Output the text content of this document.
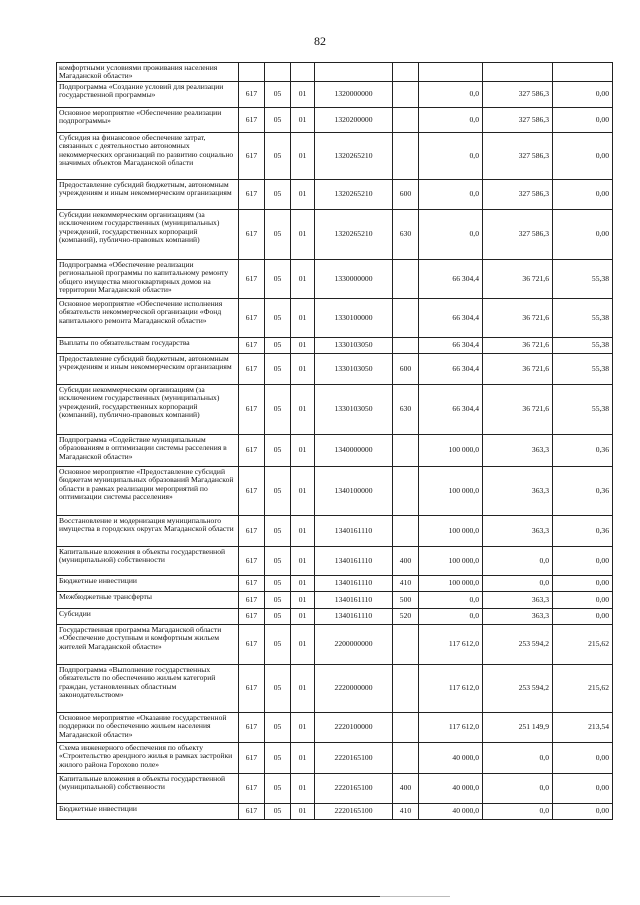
82
комфортными условиями проживания населения Магаданской области»								
Подпрограмма «Создание условий для реализации государственной программы»	617	05	01	1320000000		0,0	327 586,3	0,00
Основное мероприятие «Обеспечение реализации подпрограммы»	617	05	01	1320200000		0,0	327 586,3	0,00
Субсидия на финансовое обеспечение затрат, связанных с деятельностью автономных некоммерческих организаций по развитию социально значимых объектов Магаданской области	617	05	01	1320265210		0,0	327 586,3	0,00
Предоставление субсидий бюджетным, автономным учреждениям и иным некоммерческим организациям	617	05	01	1320265210	600	0,0	327 586,3	0,00
Субсидии некоммерческим организациям (за исключением государственных (муниципальных) учреждений, государственных корпораций (компаний), публично-правовых компаний)	617	05	01	1320265210	630	0,0	327 586,3	0,00
Подпрограмма «Обеспечение реализации региональной программы по капитальному ремонту общего имущества многоквартирных домов на территории Магаданской области»	617	05	01	1330000000		66 304,4	36 721,6	55,38
Основное мероприятие «Обеспечение исполнения обязательств некоммерческой организации «Фонд капитального ремонта Магаданской области»	617	05	01	1330100000		66 304,4	36 721,6	55,38
Выплаты по обязательствам государства	617	05	01	1330103050		66 304,4	36 721,6	55,38
Предоставление субсидий бюджетным, автономным учреждениям и иным некоммерческим организациям	617	05	01	1330103050	600	66 304,4	36 721,6	55,38
Субсидии некоммерческим организациям (за исключением государственных (муниципальных) учреждений, государственных корпораций (компаний), публично-правовых компаний)	617	05	01	1330103050	630	66 304,4	36 721,6	55,38
Подпрограмма «Содействие муниципальным образованиям в оптимизации системы расселения в Магаданской области»	617	05	01	1340000000		100 000,0	363,3	0,36
Основное мероприятие «Предоставление субсидий бюджетам муниципальных образований Магаданской области в рамках реализации мероприятий по оптимизации системы расселения»	617	05	01	1340100000		100 000,0	363,3	0,36
Восстановление и модернизация муниципального имущества в городских округах Магаданской области	617	05	01	1340161110		100 000,0	363,3	0,36
Капитальные вложения в объекты государственной (муниципальной) собственности	617	05	01	1340161110	400	100 000,0	0,0	0,00
Бюджетные инвестиции	617	05	01	1340161110	410	100 000,0	0,0	0,00
Межбюджетные трансферты	617	05	01	1340161110	500	0,0	363,3	0,00
Субсидии	617	05	01	1340161110	520	0,0	363,3	0,00
Государственная программа Магаданской области «Обеспечение доступным и комфортным жильем жителей Магаданской области»	617	05	01	2200000000		117 612,0	253 594,2	215,62
Подпрограмма «Выполнение государственных обязательств по обеспечению жильем категорий граждан, установленных областным законодательством»	617	05	01	2220000000		117 612,0	253 594,2	215,62
Основное мероприятие «Оказание государственной поддержки по обеспечению жильем населения Магаданской области»	617	05	01	2220100000		117 612,0	251 149,9	213,54
Схема инженерного обеспечения по объекту «Строительство арендного жилья в рамках застройки жилого района Горохово поле»	617	05	01	2220165100		40 000,0	0,0	0,00
Капитальные вложения в объекты государственной (муниципальной) собственности	617	05	01	2220165100	400	40 000,0	0,0	0,00
Бюджетные инвестиции	617	05	01	2220165100	410	40 000,0	0,0	0,00
